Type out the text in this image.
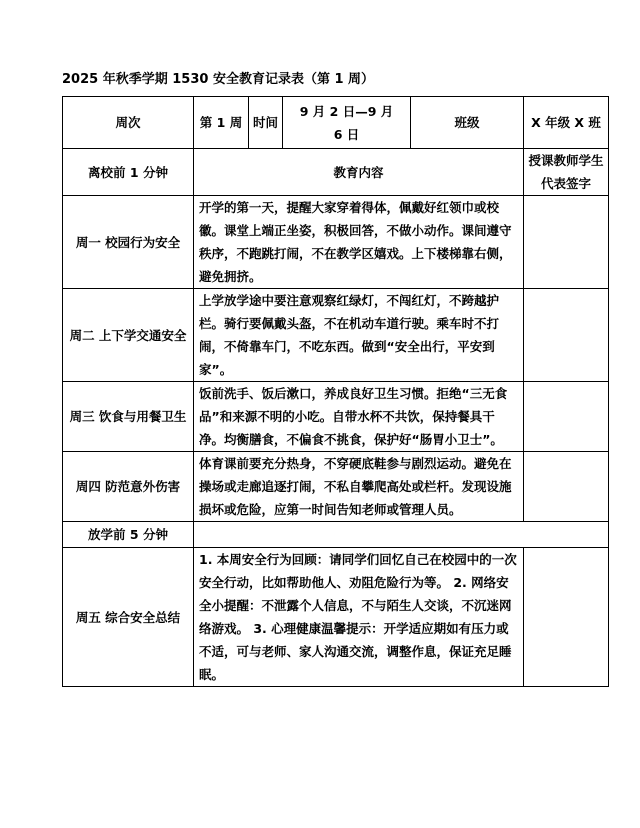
2025 年秋季学期 1530 安全教育记录表（第 1 周）
周次	第 1 周	时间	9 月 2 日—9 月 6 日	班级	X 年级 X 班
离校前 1 分钟	教育内容				授课教师学生代表签字
周一 校园行为安全	开学的第一天，提醒大家穿着得体，佩戴好红领巾或校徽。课堂上端正坐姿，积极回答，不做小动作。课间遵守秩序，不跑跳打闹，不在教学区嬉戏。上下楼梯靠右侧，避免拥挤。				
周二 上下学交通安全	上学放学途中要注意观察红绿灯，不闯红灯，不跨越护栏。骑行要佩戴头盔，不在机动车道行驶。乘车时不打闹，不倚靠车门，不吃东西。做到“安全出行，平安到家”。				
周三 饮食与用餐卫生	饭前洗手、饭后漱口，养成良好卫生习惯。拒绝“三无食品”和来源不明的小吃。自带水杯不共饮，保持餐具干净。均衡膳食，不偏食不挑食，保护好“肠胃小卫士”。				
周四 防范意外伤害	体育课前要充分热身，不穿硬底鞋参与剧烈运动。避免在操场或走廊追逐打闹，不私自攀爬高处或栏杆。发现设施损坏或危险，应第一时间告知老师或管理人员。				
放学前 5 分钟					
周五 综合安全总结	1. 本周安全行为回顾：请同学们回忆自己在校园中的一次安全行动，比如帮助他人、劝阻危险行为等。 2. 网络安全小提醒：不泄露个人信息，不与陌生人交谈，不沉迷网络游戏。 3. 心理健康温馨提示：开学适应期如有压力或不适，可与老师、家人沟通交流，调整作息，保证充足睡眠。				
